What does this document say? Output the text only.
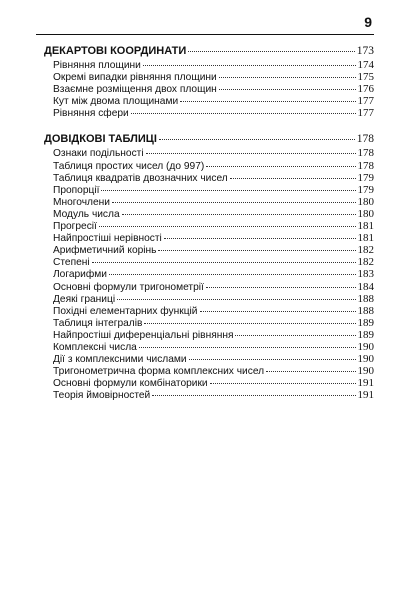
9
ДЕКАРТОВІ КООРДИНАТИ	173
Рівняння площини	174
Окремі випадки рівняння площини	175
Взаємне розміщення двох площин	176
Кут між двома площинами	177
Рівняння сфери	177
ДОВІДКОВІ ТАБЛИЦІ	178
Ознаки подільності	178
Таблиця простих чисел (до 997)	178
Таблиця квадратів двозначних чисел	179
Пропорції	179
Многочлени	180
Модуль числа	180
Прогресії	181
Найпростіші нерівності	181
Арифметичний корінь	182
Степені	182
Логарифми	183
Основні формули тригонометрії	184
Деякі границі	188
Похідні елементарних функцій	188
Таблиця інтегралів	189
Найпростіші диференціальні рівняння	189
Комплексні числа	190
Дії з комплексними числами	190
Тригонометрична форма комплексних чисел	190
Основні формули комбінаторики	191
Теорія ймовірностей	191
